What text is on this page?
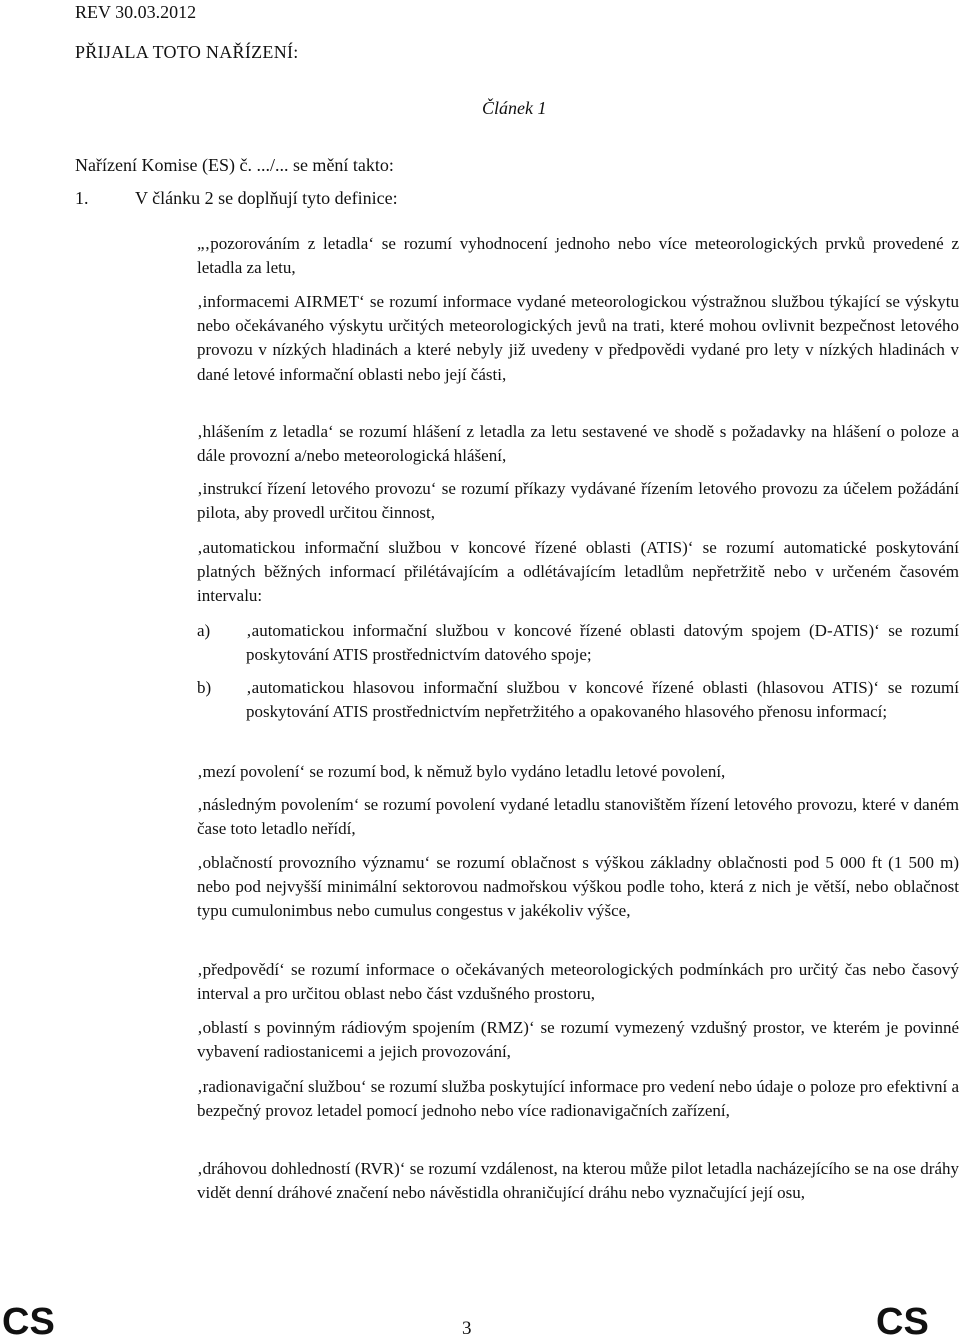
REV 30.03.2012
PŘIJALA TOTO NAŘÍZENÍ:
Článek 1
Nařízení Komise (ES) č. .../... se mění takto:
1.	V článku 2 se doplňují tyto definice:

„‚pozorováním z letadla‘ se rozumí vyhodnocení jednoho nebo více meteorologických prvků provedené z letadla za letu,

‚informacemi AIRMET‘ se rozumí informace vydané meteorologickou výstražnou službou týkající se výskytu nebo očekávaného výskytu určitých meteorologických jevů na trati, které mohou ovlivnit bezpečnost letového provozu v nízkých hladinách a které nebyly již uvedeny v předpovědi vydané pro lety v nízkých hladinách v dané letové informační oblasti nebo její části,

‚hlášením z letadla‘ se rozumí hlášení z letadla za letu sestavené ve shodě s požadavky na hlášení o poloze a dále provozní a/nebo meteorologická hlášení,

‚instrukcí řízení letového provozu‘ se rozumí příkazy vydávané řízením letového provozu za účelem požádání pilota, aby provedl určitou činnost,

‚automatickou informační službou v koncové řízené oblasti (ATIS)‘ se rozumí automatické poskytování platných běžných informací přilétávajícím a odlétávajícím letadlům nepřetržitě nebo v určeném časovém intervalu:

a) ‚automatickou informační službou v koncové řízené oblasti datovým spojem (D-ATIS)‘ se rozumí poskytování ATIS prostřednictvím datového spoje;

b) ‚automatickou hlasovou informační službou v koncové řízené oblasti (hlasovou ATIS)‘ se rozumí poskytování ATIS prostřednictvím nepřetržitého a opakovaného hlasového přenosu informací;

‚mezí povolení‘ se rozumí bod, k němuž bylo vydáno letadlu letové povolení,

‚následným povolením‘ se rozumí povolení vydané letadlu stanovištěm řízení letového provozu, které v daném čase toto letadlo neřídí,

‚oblačností provozního významu‘ se rozumí oblačnost s výškou základny oblačnosti pod 5 000 ft (1 500 m) nebo pod nejvyšší minimální sektorovou nadmořskou výškou podle toho, která z nich je větší, nebo oblačnost typu cumulonimbus nebo cumulus congestus v jakékoliv výšce,

‚předpovědí‘ se rozumí informace o očekávaných meteorologických podmínkách pro určitý čas nebo časový interval a pro určitou oblast nebo část vzdušného prostoru,

‚oblastí s povinným rádiovým spojením (RMZ)‘ se rozumí vymezený vzdušný prostor, ve kterém je povinné vybavení radiostanicemi a jejich provozování,

‚radionavigační službou‘ se rozumí služba poskytující informace pro vedení nebo údaje o poloze pro efektivní a bezpečný provoz letadel pomocí jednoho nebo více radionavigačních zařízení,

‚dráhovou dohledností (RVR)‘ se rozumí vzdálenost, na kterou může pilot letadla nacházejícího se na ose dráhy vidět denní dráhové značení nebo návěstidla ohraničující dráhu nebo vyznačující její osu,

CS	3	CS
